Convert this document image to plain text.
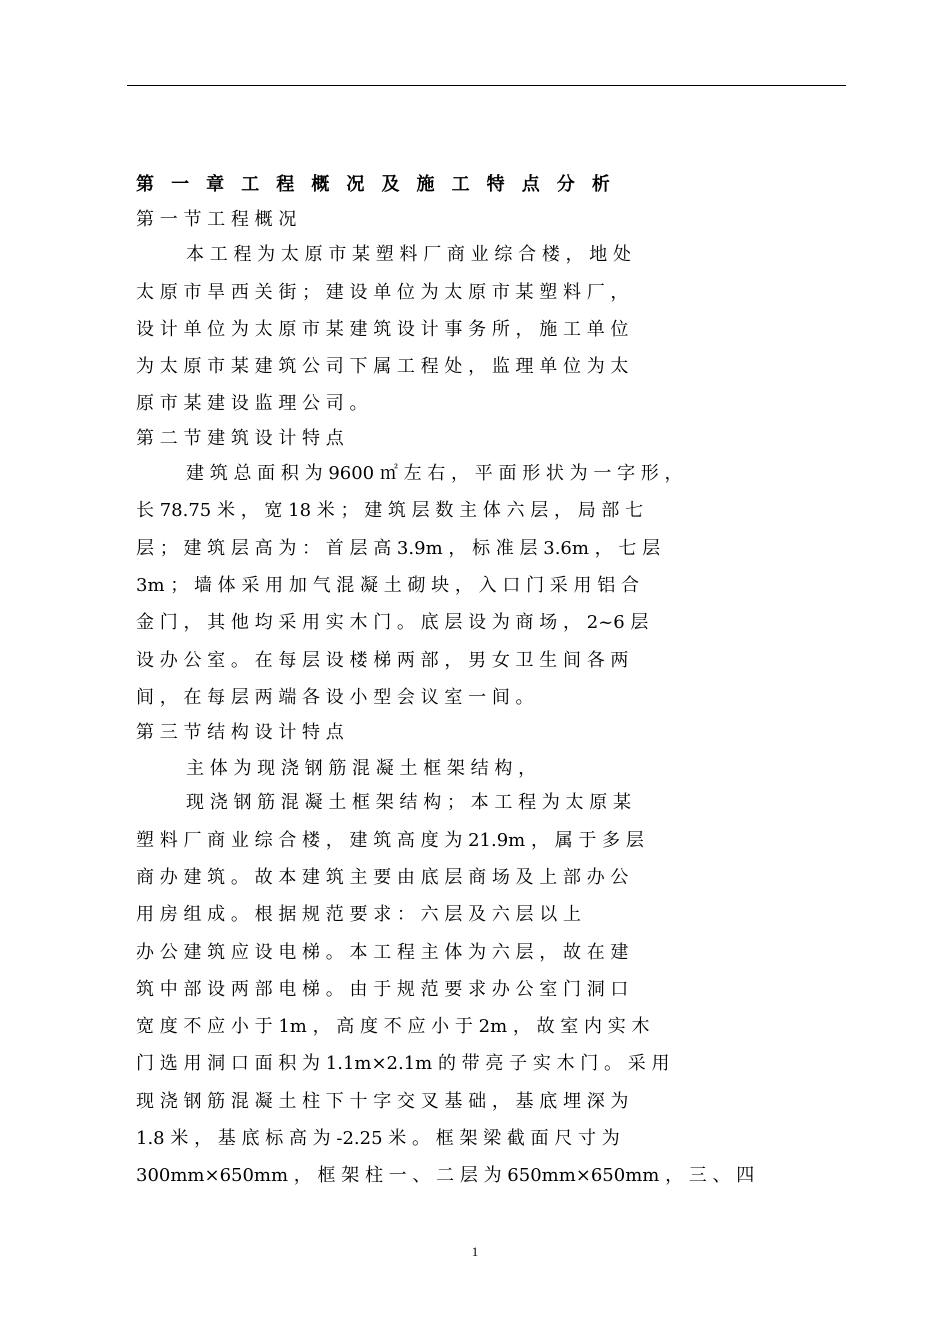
第 一 章 工 程 概 况 及 施 工 特 点 分 析
第 一 节 工 程 概 况
本 工 程 为 太 原 市 某 塑 料 厂 商 业 综 合 楼 ， 地 处
太 原 市 旱 西 关 街 ； 建 设 单 位 为 太 原 市 某 塑 料 厂 ，
设 计 单 位 为 太 原 市 某 建 筑 设 计 事 务 所 ， 施 工 单 位
为 太 原 市 某 建 筑 公 司 下 属 工 程 处 ， 监 理 单 位 为 太
原 市 某 建 设 监 理 公 司 。
第 二 节 建 筑 设 计 特 点
建 筑 总 面 积 为 9600 ㎡ 左 右 ， 平 面 形 状 为 一 字 形 ，
长 78.75 米 ， 宽 18 米 ； 建 筑 层 数 主 体 六 层 ， 局 部 七
层 ； 建 筑 层 高 为 ： 首 层 高 3.9m ， 标 准 层 3.6m ， 七 层
3m ； 墙 体 采 用 加 气 混 凝 土 砌 块 ， 入 口 门 采 用 铝 合
金 门 ， 其 他 均 采 用 实 木 门 。 底 层 设 为 商 场 ， 2~6 层
设 办 公 室 。 在 每 层 设 楼 梯 两 部 ， 男 女 卫 生 间 各 两
间 ， 在 每 层 两 端 各 设 小 型 会 议 室 一 间 。
第 三 节 结 构 设 计 特 点
主 体 为 现 浇 钢 筋 混 凝 土 框 架 结 构 ，
现 浇 钢 筋 混 凝 土 框 架 结 构 ； 本 工 程 为 太 原 某
塑 料 厂 商 业 综 合 楼 ， 建 筑 高 度 为 21.9m ， 属 于 多 层
商 办 建 筑 。 故 本 建 筑 主 要 由 底 层 商 场 及 上 部 办 公
用 房 组 成 。 根 据 规 范 要 求 ： 六 层 及 六 层 以 上
办 公 建 筑 应 设 电 梯 。 本 工 程 主 体 为 六 层 ， 故 在 建
筑 中 部 设 两 部 电 梯 。 由 于 规 范 要 求 办 公 室 门 洞 口
宽 度 不 应 小 于 1m ， 高 度 不 应 小 于 2m ， 故 室 内 实 木
门 选 用 洞 口 面 积 为 1.1m×2.1m 的 带 亮 子 实 木 门 。 采 用
现 浇 钢 筋 混 凝 土 柱 下 十 字 交 叉 基 础 ， 基 底 埋 深 为
1.8 米 ， 基 底 标 高 为 -2.25 米 。 框 架 梁 截 面 尺 寸 为
300mm×650mm ， 框 架 柱 一 、 二 层 为 650mm×650mm ， 三 、 四
1
